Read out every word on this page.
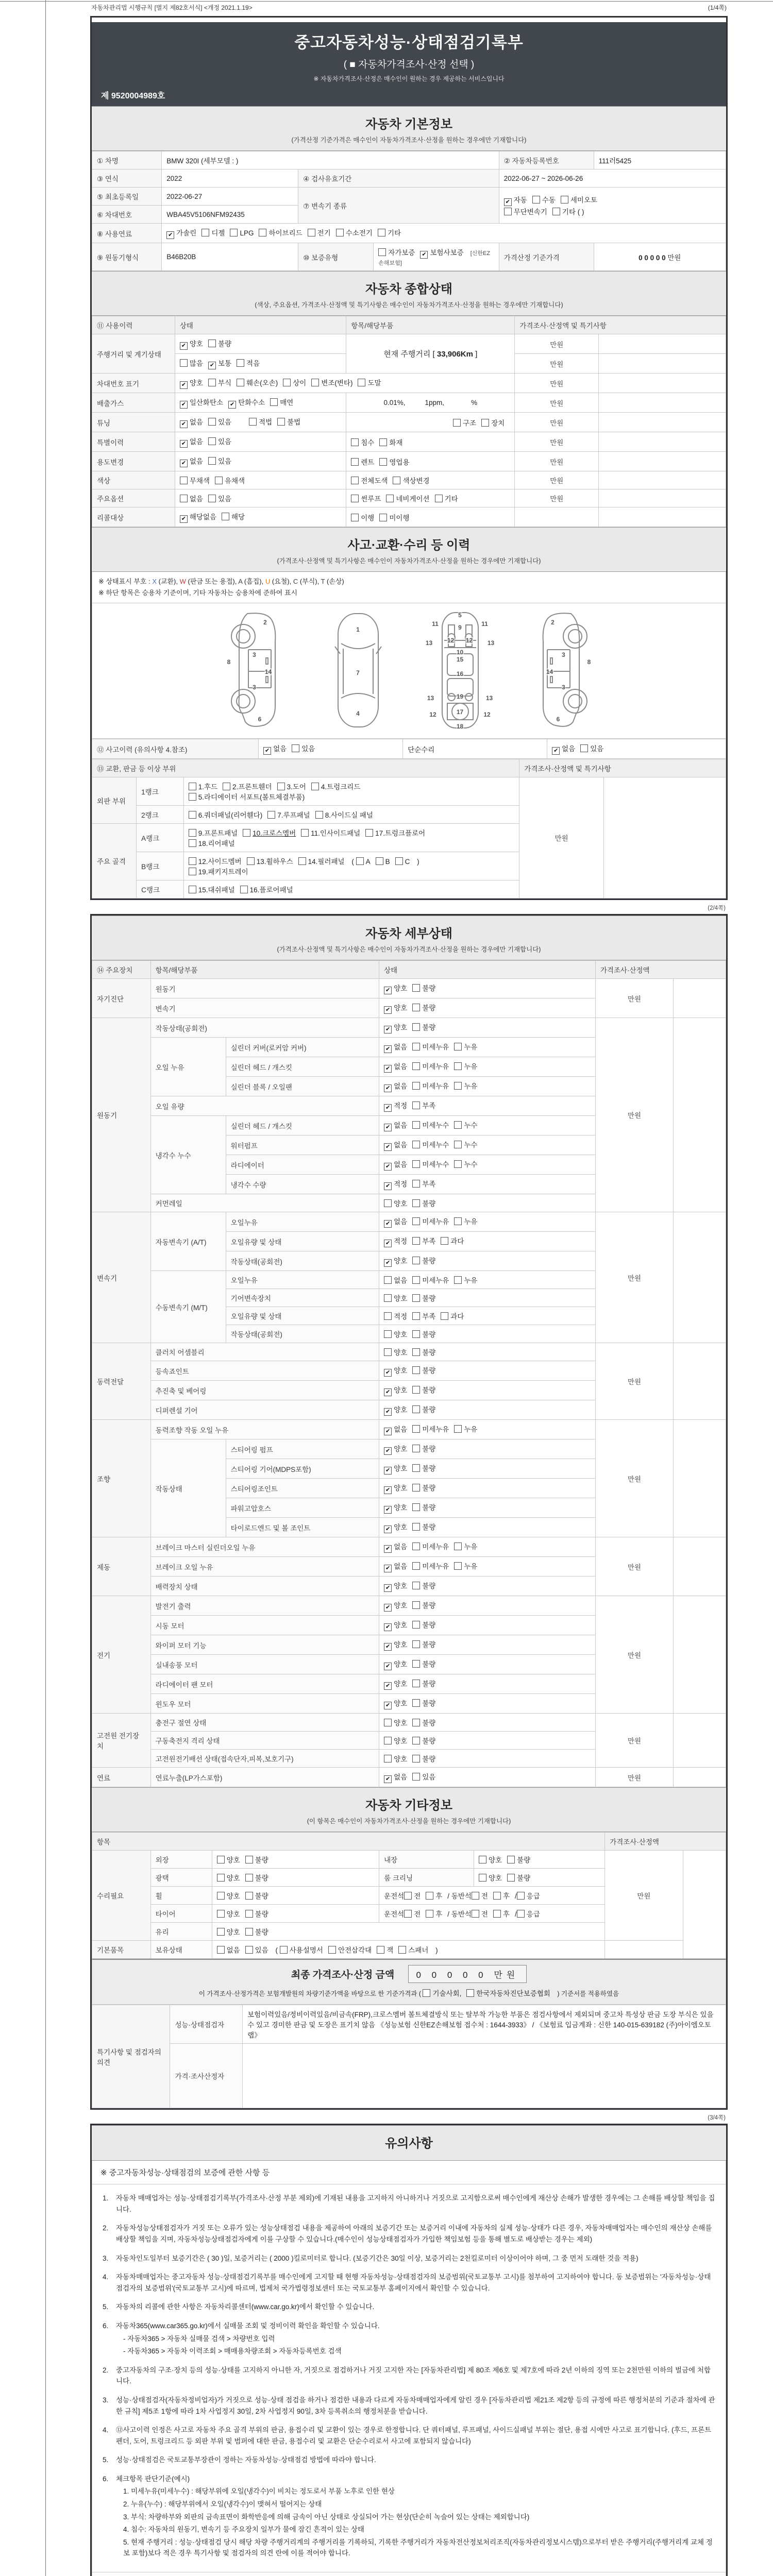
자동차관리법 시행규칙 [별지 제82호서식] <개정 2021.1.19>	(1/4쪽)
중고자동차성능·상태점검기록부
( ■ 자동차가격조사·산정 선택 )
※ 자동차가격조사·산정은 매수인이 원하는 경우 제공하는 서비스입니다
제 9520004989호
자동차 기본정보
(가격산정 기준가격은 매수인이 자동차가격조사·산정을 원하는 경우에만 기재합니다)
① 차명	BMW 320I (세부모델 : )			② 자동차등록번호	111러5425
③ 연식	2022	④ 검사유효기간		2022-06-27 ~ 2026-06-26	
⑤ 최초등록일	2022-06-27	⑦ 변속기 종류		✔ 자동 수동 세미오토
무단변속기 기타 ( )	
⑥ 차대번호	WBA45V5106NFM92435				
⑧ 사용연료	✔ 가솔린 디젤 LPG 하이브리드 전기 수소전기 기타				
⑨ 원동기형식	B46B20B	⑩ 보증유형	자가보증 ✔ 보험사보증 [신한EZ손해보험]	가격산정 기준가격	0 0 0 0 0 만원
자동차 종합상태
(색상, 주요옵션, 가격조사·산정액 및 특기사항은 매수인이 자동차가격조사·산정을 원하는 경우에만 기재합니다)
⑪ 사용이력	상태	항목/해당부품	가격조사·산정액 및 특기사항	
주행거리 및 계기상태	✔ 양호 불량	현재 주행거리 [ 33,906Km ]	만원	
	많음 ✔ 보통 적음		만원	
차대번호 표기	✔ 양호 부식 훼손(오손) 상이 변조(변타) 도말		만원	
배출가스	✔ 일산화탄소 ✔ 탄화수소 매연	0.01%, 1ppm, %	만원	
튜닝	✔ 없음 있음 적법 불법	구조 장치	만원	
특별이력	✔ 없음 있음	침수 화재	만원	
용도변경	✔ 없음 있음	렌트 영업용	만원	
색상	무채색 유채색	전체도색 색상변경	만원	
주요옵션	없음 있음	썬루프 네비게이션 기타	만원	
리콜대상	✔ 해당없음 해당	이행 미이행		
사고·교환·수리 등 이력
(가격조사·산정액 및 특기사항은 매수인이 자동차가격조사·산정을 원하는 경우에만 기재합니다)
※ 상태표시 부호 : X (교환), W (판금 또는 용접), A (흠집), U (요철), C (부식), T (손상)
※ 하단 항목은 승용차 기준이며, 기타 자동차는 승용차에 준하여 표시
2
8
3
14
3
6
1
7
4
5
9
11	11
13	13
12 12
10
15
16
13	13
19
12	12
17
18
2
8
3
14
3
6
⑫ 사고이력 (유의사항 4.참조)	✔ 없음 있음	단순수리	✔ 없음 있음
⑬ 교환, 판금 등 이상 부위			가격조사·산정액 및 특기사항	
외판 부위	1랭크	1.후드 2.프론트휀더 3.도어 4.트렁크리드
5.라디에이터 서포트(볼트체결부품)	만원	
	2랭크	6.쿼더패널(리어휀다) 7.루프패널 8.사이드실 패널		
주요 골격	A랭크	9.프론트패널 10.크로스멤버 11.인사이드패널 17.트렁크플로어
18.리어패널		
	B랭크	12.사이드멤버 13.휠하우스 14.필러패널 ( A B C )
19.패키지트레이		
	C랭크	15.대쉬패널 16.플로어패널		
(2/4쪽)
자동차 세부상태
(가격조사·산정액 및 특기사항은 매수인이 자동차가격조사·산정을 원하는 경우에만 기재합니다)
⑭ 주요장치	항목/해당부품		상태	가격조사·산정액	
자기진단	원동기		✔ 양호 불량	만원	
	변속기		✔ 양호 불량		
원동기	작동상태(공회전)		✔ 양호 불량	만원	
	오일 누유	실린더 커버(로커암 커버)	✔ 없음 미세누유 누유		
		실린더 헤드 / 개스킷	✔ 없음 미세누유 누유		
		실린더 블록 / 오일팬	✔ 없음 미세누유 누유		
	오일 유량		✔ 적정 부족		
	냉각수 누수	실린더 헤드 / 개스킷	✔ 없음 미세누수 누수		
		워터펌프	✔ 없음 미세누수 누수		
		라디에이터	✔ 없음 미세누수 누수		
		냉각수 수량	✔ 적정 부족		
	커먼레일		양호 불량		
변속기	자동변속기 (A/T)	오일누유	✔ 없음 미세누유 누유	만원	
		오일유량 및 상태	✔ 적정 부족 과다		
		작동상태(공회전)	✔ 양호 불량		
	수동변속기 (M/T)	오일누유	없음 미세누유 누유		
		기어변속장치	양호 불량		
		오일유량 및 상태	적정 부족 과다		
		작동상태(공회전)	양호 불량		
동력전달	클러치 어셈블리		양호 불량	만원	
	등속죠인트		✔ 양호 불량		
	추진축 및 베어링		✔ 양호 불량		
	디퍼렌셜 기어		✔ 양호 불량		
조향	동력조향 작동 오일 누유		✔ 없음 미세누유 누유	만원	
	작동상태	스티어링 펌프	✔ 양호 불량		
		스티어링 기어(MDPS포함)	✔ 양호 불량		
		스티어링조인트	✔ 양호 불량		
		파워고압호스	✔ 양호 불량		
		타이로드엔드 및 볼 조인트	✔ 양호 불량		
제동	브레이크 마스터 실린더오일 누유		✔ 없음 미세누유 누유	만원	
	브레이크 오일 누유		✔ 없음 미세누유 누유		
	배력장치 상태		✔ 양호 불량		
전기	발전기 출력		✔ 양호 불량	만원	
	시동 모터		✔ 양호 불량		
	와이퍼 모터 기능		✔ 양호 불량		
	실내송풍 모터		✔ 양호 불량		
	라디에이터 팬 모터		✔ 양호 불량		
	윈도우 모터		✔ 양호 불량		
고전원 전기장치	충전구 절연 상태		양호 불량	만원	
	구동축전지 격리 상태		양호 불량		
	고전원전기배선 상태(접속단자,피복,보호기구)		양호 불량		
연료	연료누출(LP가스포함)		✔ 없음 있음	만원	
자동차 기타정보
(이 항목은 매수인이 자동차가격조사·산정을 원하는 경우에만 기재합니다)
항목					가격조사·산정액	
수리필요	외장	양호 불량	내장	양호 불량	만원	
	광택	양호 불량	룸 크리닝	양호 불량		
	휠	양호 불량	운전석 전 후 / 동반석 전 후 / 응급			
	타이어	양호 불량	운전석 전 후 / 동반석 전 후 / 응급			
	유리	양호 불량				
기본품목	보유상태	없음 있음 ( 사용설명서 안전삼각대 잭 스패너 )				
최종 가격조사·산정 금액 0 0 0 0 0 만원
이 가격조사·산정가격은 보험개발원의 차량기준가액을 바탕으로 한 기준가격과 ( 기술사회, 한국자동차진단보증협회 ) 기준서를 적용하였음
특기사항 및 점검자의 의견	성능·상태점검자	보험이력있음/정비이력있음/비금속(FRP),크로스멤버 볼트체결방식 또는 탈부착 가능한 부품은 점검사항에서 제외되며 중고차 특성상 판금 도장 부식은 있을 수 있고 경미한 판금 및 도장은 표기치 않음 《성능보험 신한EZ손해보험 접수처 : 1644-3933》 / 《보험료 입금계좌 : 신한 140-015-639182 (주)아이엠오토랩》
	가격·조사산정자	
(3/4쪽)
유의사항
※ 중고자동차성능·상태점검의 보증에 관한 사항 등
1.	자동차 매매업자는 성능·상태점검기록부(가격조사·산정 부분 제외)에 기재된 내용을 고지하지 아니하거나 거짓으로 고지함으로써 매수인에게 재산상 손해가 발생한 경우에는 그 손해를 배상할 책임을 집니다.
2.	자동차성능상태점검자가 거짓 또는 오류가 있는 성능상태점검 내용을 제공하여 아래의 보증기간 또는 보증거리 이내에 자동차의 실제 성능·상태가 다른 경우, 자동차매매업자는 매수인의 재산상 손해를 배상할 책임을 지며, 자동차성능상태점검자에게 이를 구상할 수 있습니다.(매수인이 성능상태점검자가 가입한 책임보험 등을 통해 별도로 배상받는 경우는 제외)
3.	자동차인도일부터 보증기간은 ( 30 )일, 보증거리는 ( 2000 )킬로미터로 합니다. (보증기간은 30일 이상, 보증거리는 2천킬로미터 이상이어야 하며, 그 중 먼저 도래한 것을 적용)
4.	자동차매매업자는 중고자동차 성능·상태점검기록부를 매수인에게 고지할 때 현행 자동차성능·상태점검자의 보증범위(국토교통부 고시)를 첨부하여 고지하여야 합니다. 동 보증범위는 '자동차성능·상태점검자의 보증범위'(국토교통부 고시)에 따르며, 법제처 국가법령정보센터 또는 국토교통부 홈페이지에서 확인할 수 있습니다.
5.	자동차의 리콜에 관한 사항은 자동차리콜센터(www.car.go.kr)에서 확인할 수 있습니다.
6.	자동차365(www.car365.go.kr)에서 실매물 조회 및 정비이력 확인을 확인할 수 있습니다.
- 자동차365 > 자동차 실매물 검색 > 차량번호 입력
- 자동차365 > 자동차 이력조회 > 매매용차량조회 > 자동차등록번호 검색
2.	중고자동차의 구조·장치 등의 성능·상태를 고지하지 아니한 자, 거짓으로 점검하거나 거짓 고지한 자는 [자동차관리법] 제 80조 제6호 및 제7호에 따라 2년 이하의 징역 또는 2천만원 이하의 벌금에 처합니다.
3.	성능·상태점검자(자동차정비업자)가 거짓으로 성능·상태 점검을 하거나 점검한 내용과 다르게 자동차매매업자에게 알린 경우 [자동차관리법 제21조 제2항 등의 규정에 따른 행정처분의 기준과 절차에 관한 규칙] 제5조 1항에 따라 1차 사업정지 30일, 2차 사업정지 90일, 3차 등록취소의 행정처분을 받습니다.
4.	⑫사고이력 인정은 사고로 자동차 주요 골격 부위의 판금, 용접수리 및 교환이 있는 경우로 한정합니다. 단 쿼터패널, 루프패널, 사이드실패널 부위는 절단, 용접 시에만 사고로 표기합니다. (후드, 프론트펜더, 도어, 트렁크리드 등 외판 부위 및 범퍼에 대한 판금, 용접수리 및 교환은 단순수리로서 사고에 포함되지 않습니다)
5.	성능·상태점검은 국토교통부장관이 정하는 자동차성능·상태점검 방법에 따라야 합니다.
6.	체크항목 판단기준(예시)
1. 미세누유(미세누수) : 해당부위에 오일(냉각수)이 비치는 정도로서 부품 노후로 인한 현상
2. 누유(누수) : 해당부위에서 오일(냉각수)이 맺혀서 떨어지는 상태
3. 부식: 차량하부와 외판의 금속표면이 화학반응에 의해 금속이 아닌 상태로 상실되어 가는 현상(단순히 녹슬어 있는 상태는 제외합니다)
4. 침수: 자동차의 원동기, 변속기 등 주요장치 일부가 물에 잠긴 흔적이 있는 상태
5. 현재 주행거리 : 성능·상태점검 당시 해당 차량 주행거리계의 주행거리를 기록하되, 기록한 주행거리가 자동차전산정보처리조직(자동차관리정보시스템)으로부터 받은 주행거리(주행거리계 교체 정보 포함)보다 적은 경우 특기사항 및 점검자의 의견 란에 이를 적어야 합니다.
